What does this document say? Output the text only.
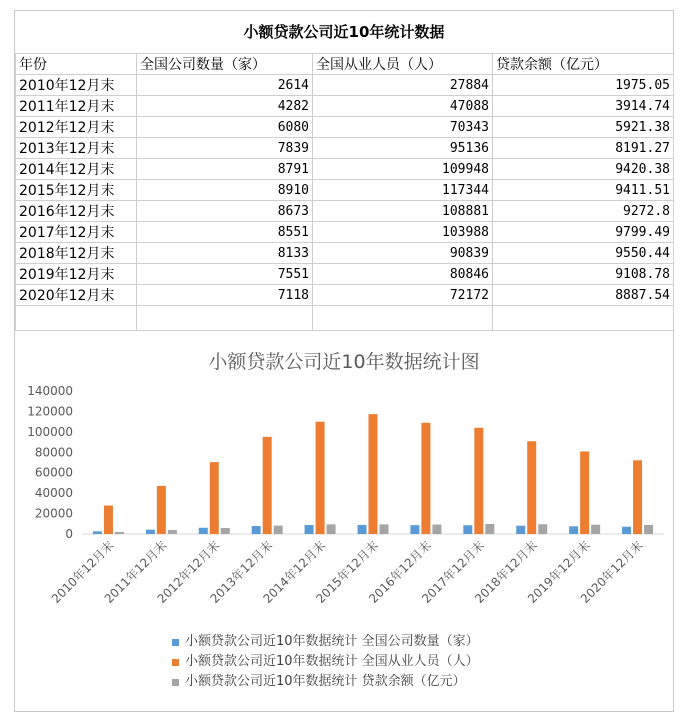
小额贷款公司近10年统计数据
年份	全国公司数量（家）	全国从业人员（人）	贷款余额（亿元）
2010年12月末	2614	27884	1975.05
2011年12月末	4282	47088	3914.74
2012年12月末	6080	70343	5921.38
2013年12月末	7839	95136	8191.27
2014年12月末	8791	109948	9420.38
2015年12月末	8910	117344	9411.51
2016年12月末	8673	108881	9272.8
2017年12月末	8551	103988	9799.49
2018年12月末	8133	90839	9550.44
2019年12月末	7551	80846	9108.78
2020年12月末	7118	72172	8887.54

小额贷款公司近10年数据统计图
0
20000
40000
60000
80000
100000
120000
140000
2010年12月末
2011年12月末
2012年12月末
2013年12月末
2014年12月末
2015年12月末
2016年12月末
2017年12月末
2018年12月末
2019年12月末
2020年12月末
小额贷款公司近10年数据统计 全国公司数量（家）
小额贷款公司近10年数据统计 全国从业人员（人）
小额贷款公司近10年数据统计 贷款余额（亿元）
